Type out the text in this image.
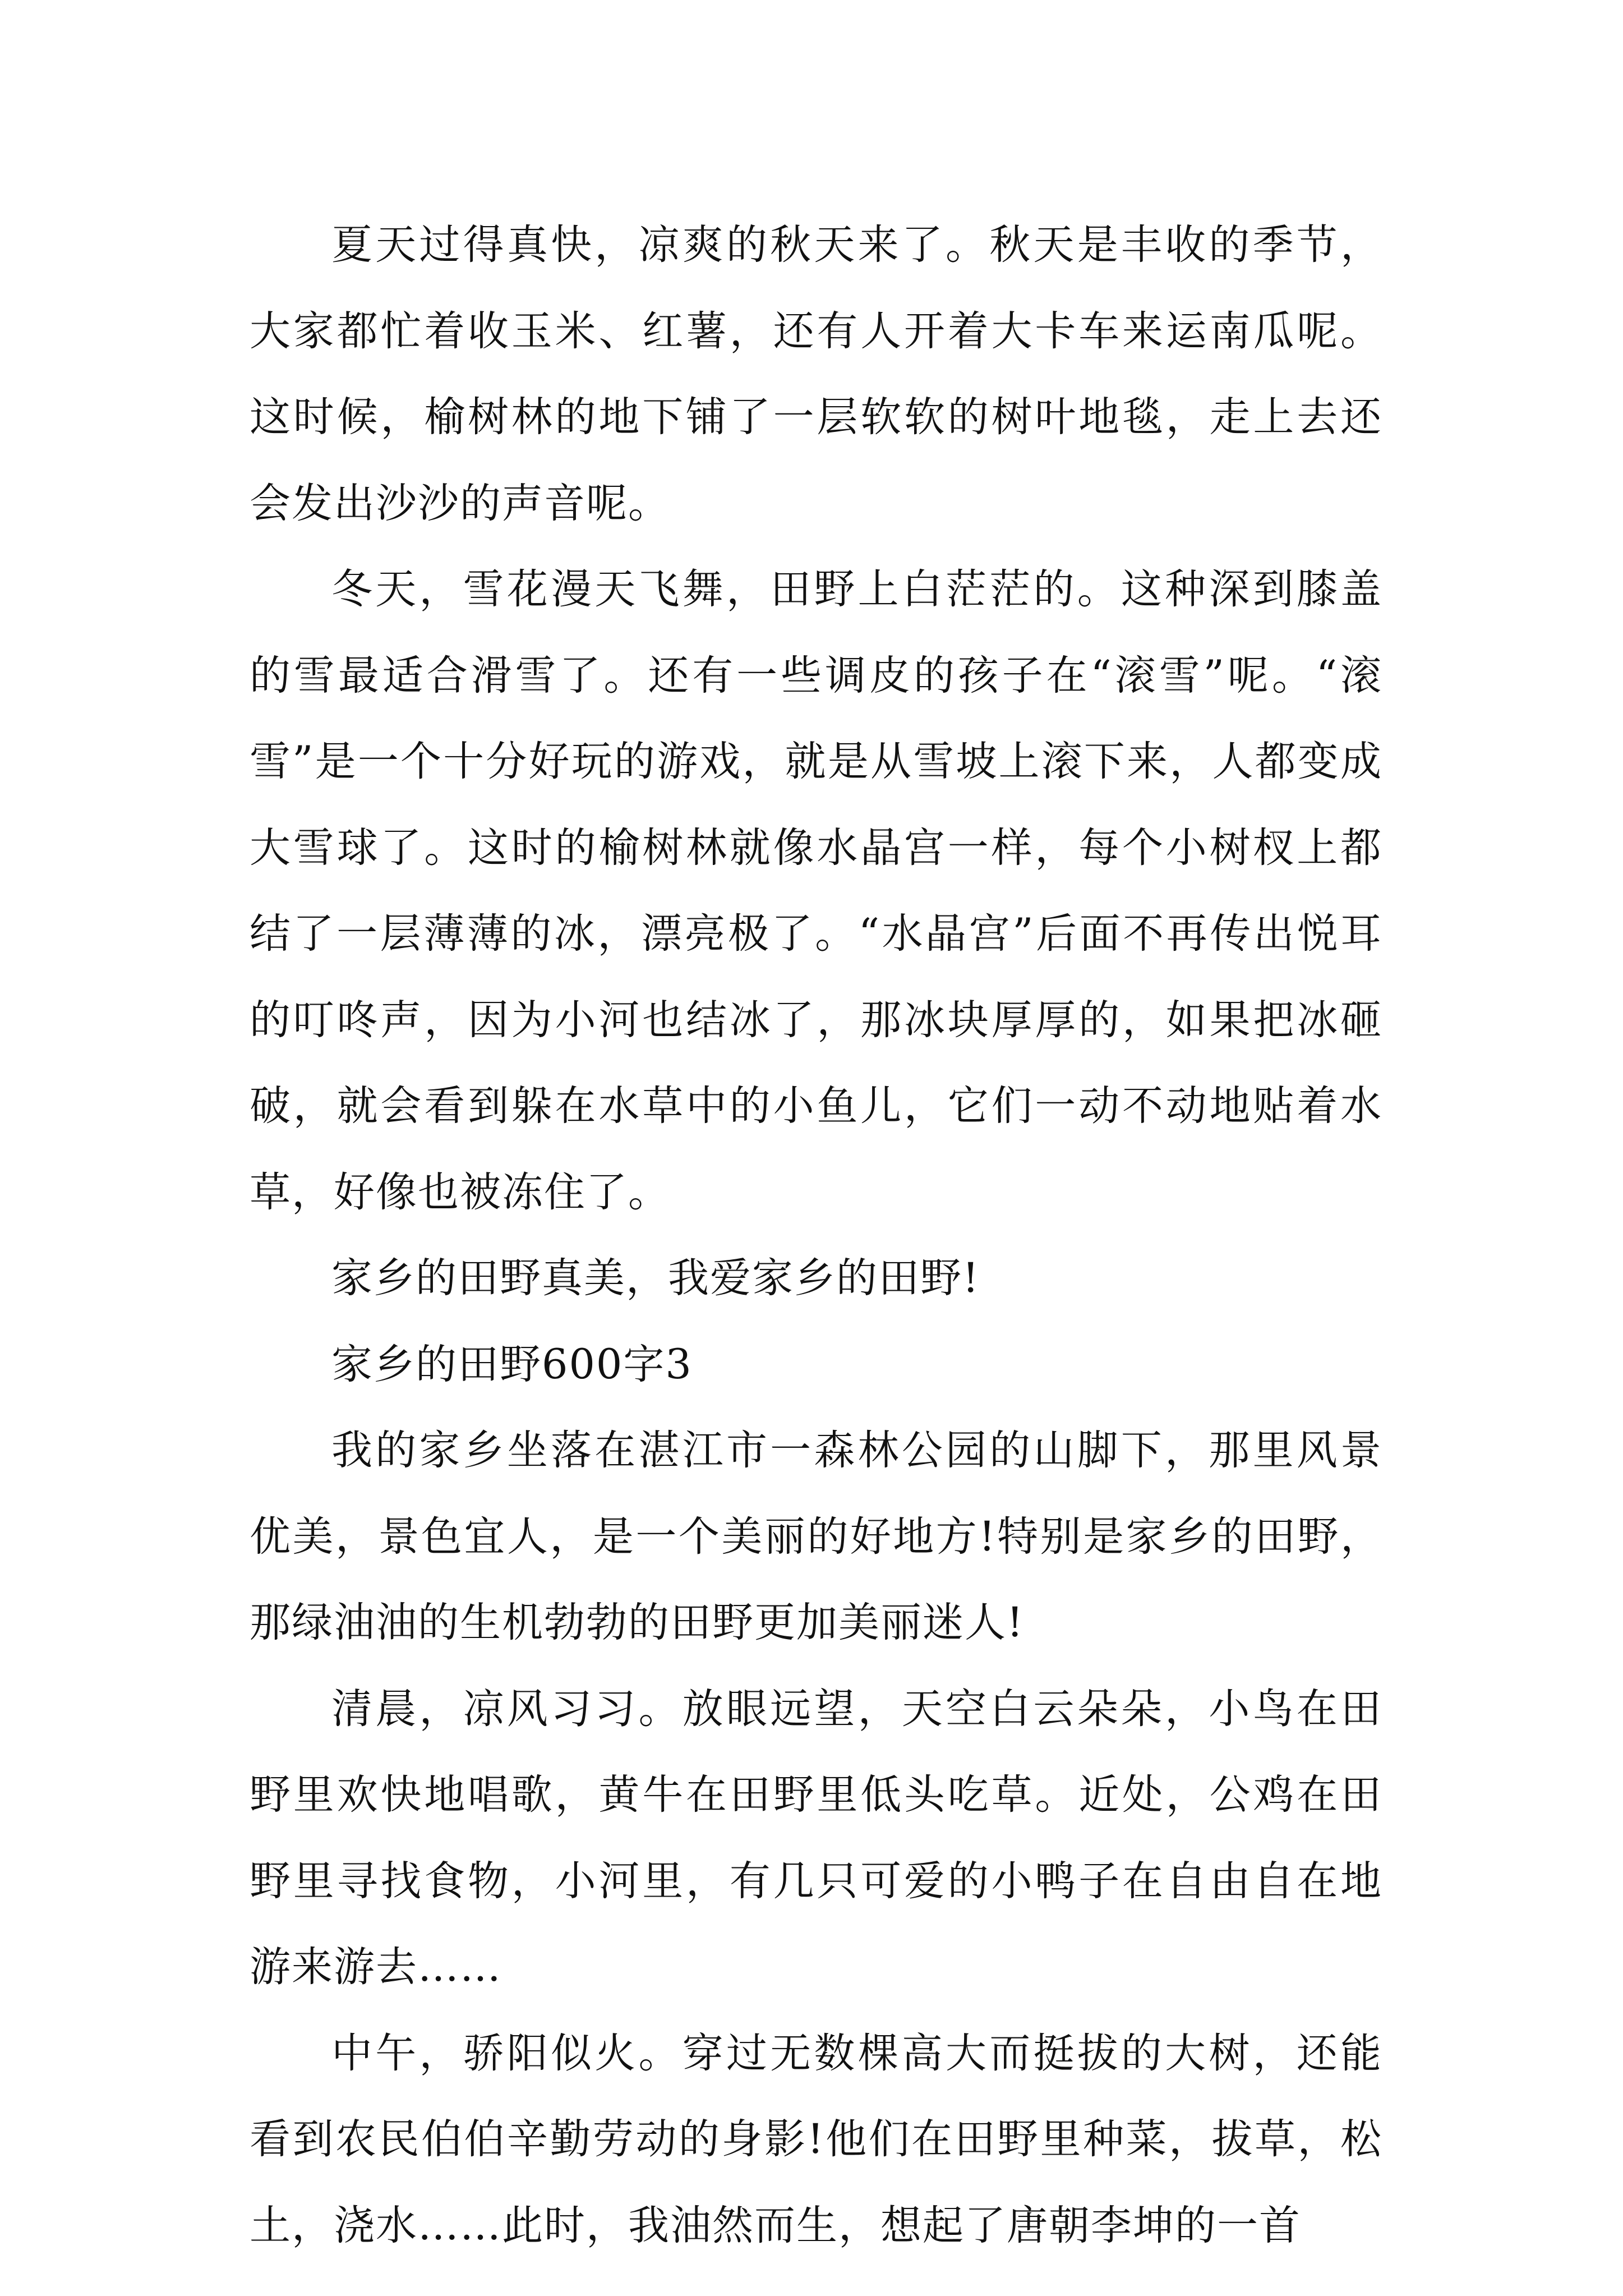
夏天过得真快，凉爽的秋天来了。秋天是丰收的季节，大家都忙着收玉米、红薯，还有人开着大卡车来运南瓜呢。这时候，榆树林的地下铺了一层软软的树叶地毯，走上去还会发出沙沙的声音呢。

冬天，雪花漫天飞舞，田野上白茫茫的。这种深到膝盖的雪最适合滑雪了。还有一些调皮的孩子在“滚雪”呢。“滚雪”是一个十分好玩的游戏，就是从雪坡上滚下来，人都变成大雪球了。这时的榆树林就像水晶宫一样，每个小树杈上都结了一层薄薄的冰，漂亮极了。“水晶宫”后面不再传出悦耳的叮咚声，因为小河也结冰了，那冰块厚厚的，如果把冰砸破，就会看到躲在水草中的小鱼儿，它们一动不动地贴着水草，好像也被冻住了。

家乡的田野真美，我爱家乡的田野!

家乡的田野600字3

我的家乡坐落在湛江市一森林公园的山脚下，那里风景优美，景色宜人，是一个美丽的好地方!特别是家乡的田野，那绿油油的生机勃勃的田野更加美丽迷人!

清晨，凉风习习。放眼远望，天空白云朵朵，小鸟在田野里欢快地唱歌，黄牛在田野里低头吃草。近处，公鸡在田野里寻找食物，小河里，有几只可爱的小鸭子在自由自在地游来游去……

中午，骄阳似火。穿过无数棵高大而挺拔的大树，还能看到农民伯伯辛勤劳动的身影!他们在田野里种菜，拔草，松土，浇水……此时，我油然而生，想起了唐朝李坤的一首
